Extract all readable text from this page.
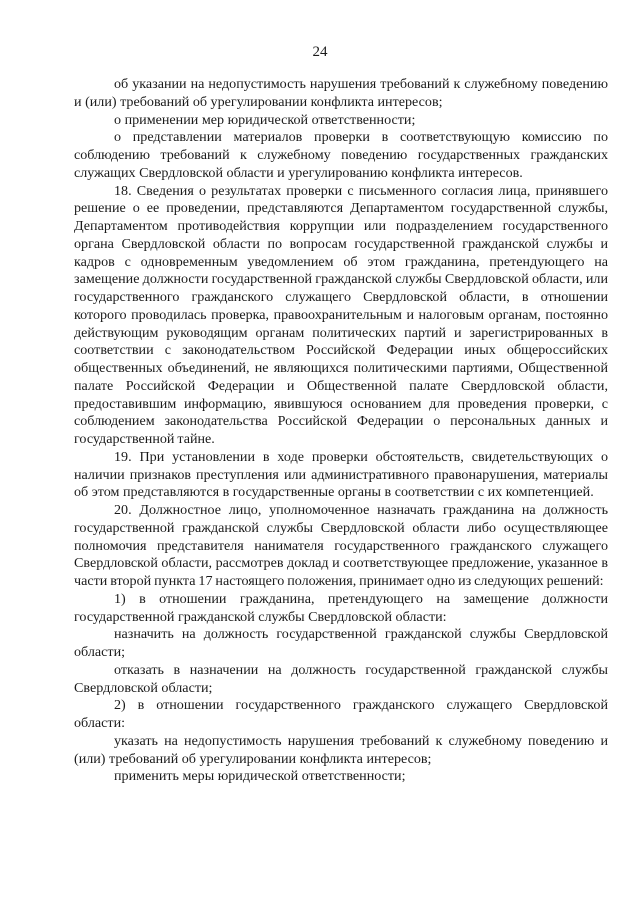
24

об указании на недопустимость нарушения требований к служебному поведению и (или) требований об урегулировании конфликта интересов;

о применении мер юридической ответственности;

о представлении материалов проверки в соответствующую комиссию по соблюдению требований к служебному поведению государственных гражданских служащих Свердловской области и урегулированию конфликта интересов.

18. Сведения о результатах проверки с письменного согласия лица, принявшего решение о ее проведении, представляются Департаментом государственной службы, Департаментом противодействия коррупции или подразделением государственного органа Свердловской области по вопросам государственной гражданской службы и кадров с одновременным уведомлением об этом гражданина, претендующего на замещение должности государственной гражданской службы Свердловской области, или государственного гражданского служащего Свердловской области, в отношении которого проводилась проверка, правоохранительным и налоговым органам, постоянно действующим руководящим органам политических партий и зарегистрированных в соответствии с законодательством Российской Федерации иных общероссийских общественных объединений, не являющихся политическими партиями, Общественной палате Российской Федерации и Общественной палате Свердловской области, предоставившим информацию, явившуюся основанием для проведения проверки, с соблюдением законодательства Российской Федерации о персональных данных и государственной тайне.

19. При установлении в ходе проверки обстоятельств, свидетельствующих о наличии признаков преступления или административного правонарушения, материалы об этом представляются в государственные органы в соответствии с их компетенцией.

20. Должностное лицо, уполномоченное назначать гражданина на должность государственной гражданской службы Свердловской области либо осуществляющее полномочия представителя нанимателя государственного гражданского служащего Свердловской области, рассмотрев доклад и соответствующее предложение, указанное в части второй пункта 17 настоящего положения, принимает одно из следующих решений:

1) в отношении гражданина, претендующего на замещение должности государственной гражданской службы Свердловской области:

назначить на должность государственной гражданской службы Свердловской области;

отказать в назначении на должность государственной гражданской службы Свердловской области;

2) в отношении государственного гражданского служащего Свердловской области:

указать на недопустимость нарушения требований к служебному поведению и (или) требований об урегулировании конфликта интересов;

применить меры юридической ответственности;
